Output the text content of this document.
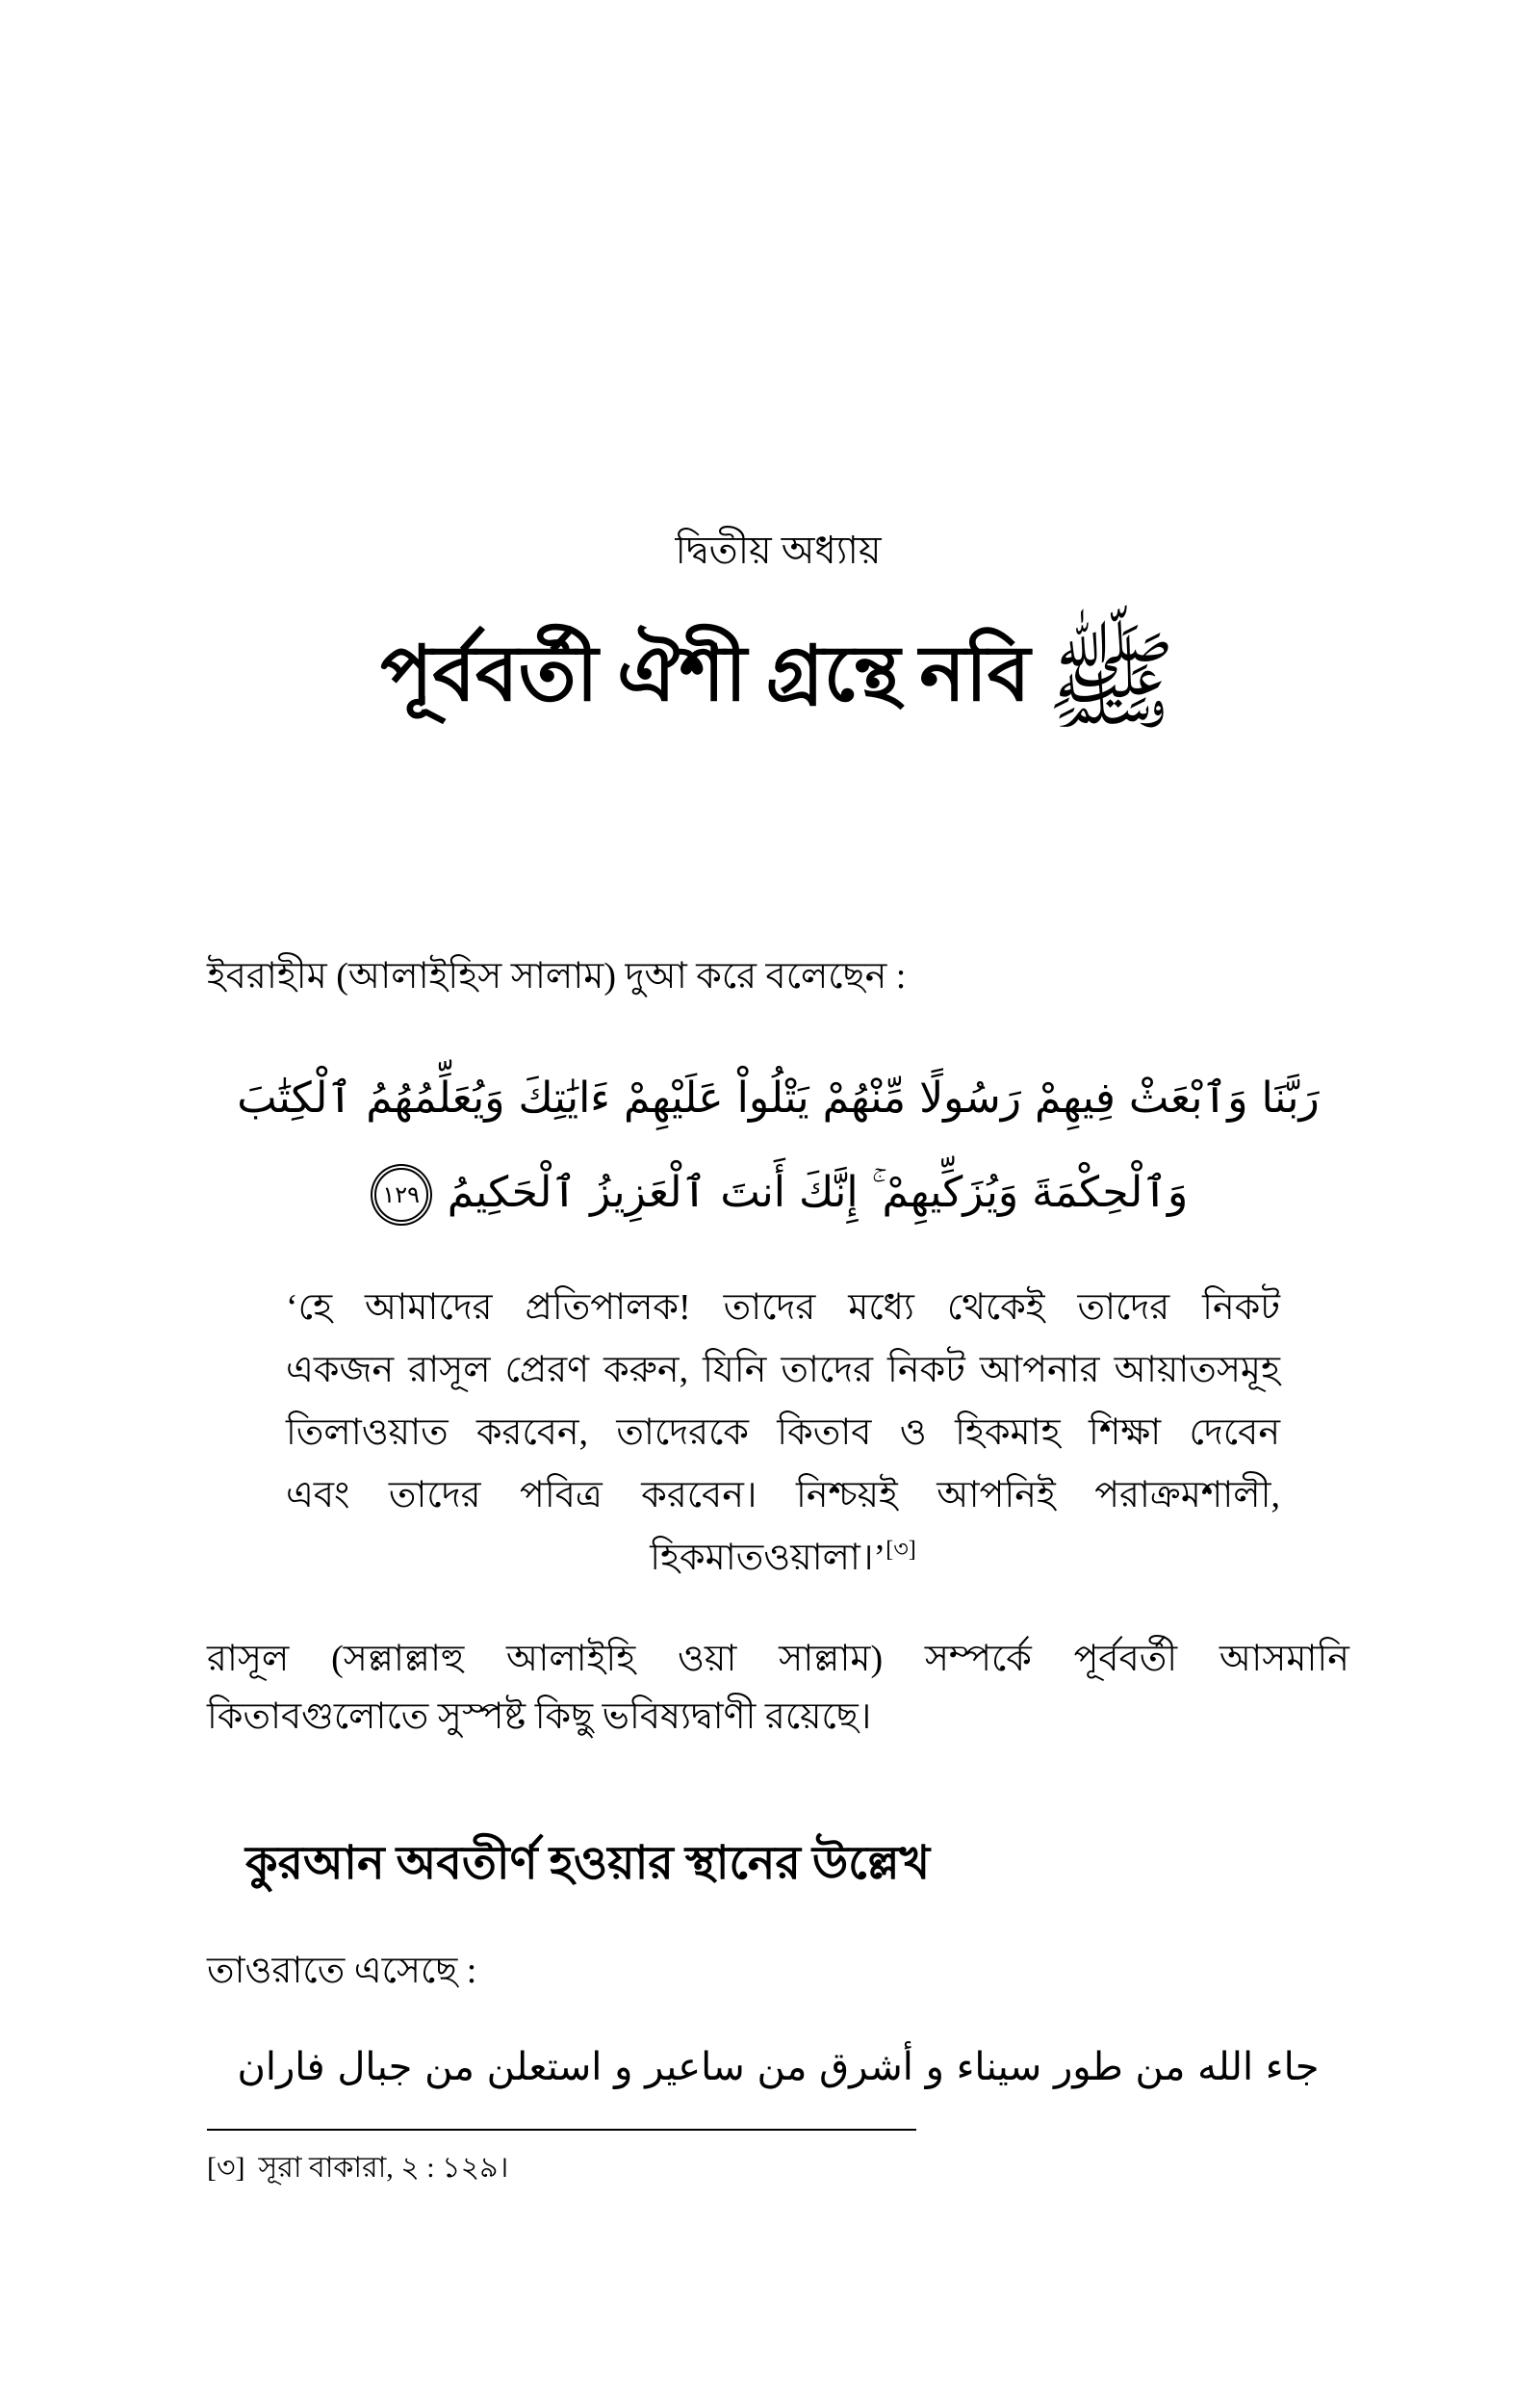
দ্বিতীয় অধ্যায়
পূর্ববর্তী ঐশী গ্রন্থে নবি ﷺ

ইবরাহীম (আলাইহিস সালাম) দুআ করে বলেছেন :

رَبَّنَا وَٱبْعَثْ فِيهِمْ رَسُولًا مِّنْهُمْ يَتْلُواْ عَلَيْهِمْ ءَايَٰتِكَ وَيُعَلِّمُهُمُ ٱلْكِتَٰبَ
وَٱلْحِكْمَةَ وَيُزَكِّيهِمْ ۚ إِنَّكَ أَنتَ ٱلْعَزِيزُ ٱلْحَكِيمُ
١٢٩
‘হে আমাদের প্রতিপালক! তাদের মধ্যে থেকেই তাদের নিকট
একজন রাসূল প্রেরণ করুন, যিনি তাদের নিকট আপনার আয়াতসমূহ
তিলাওয়াত করবেন, তাদেরকে কিতাব ও হিকমাহ শিক্ষা দেবেন
এবং তাদের পবিত্র করবেন। নিশ্চয়ই আপনিই পরাক্রমশালী,
হিকমাতওয়ালা।’[৩]
রাসূল (সল্লাল্লাহু আলাইহি ওয়া সাল্লাম) সম্পর্কে পূর্ববর্তী আসমানি
কিতাবগুলোতে সুস্পষ্ট কিছু ভবিষ্যদ্বাণী রয়েছে।
কুরআন অবতীর্ণ হওয়ার স্থানের উল্লেখ

তাওরাতে এসেছে :

جاء الله من طور سيناء و أشرق من ساعير و استعلن من جبال فاران
[৩] সূরা বাকারা, ২ : ১২৯।
